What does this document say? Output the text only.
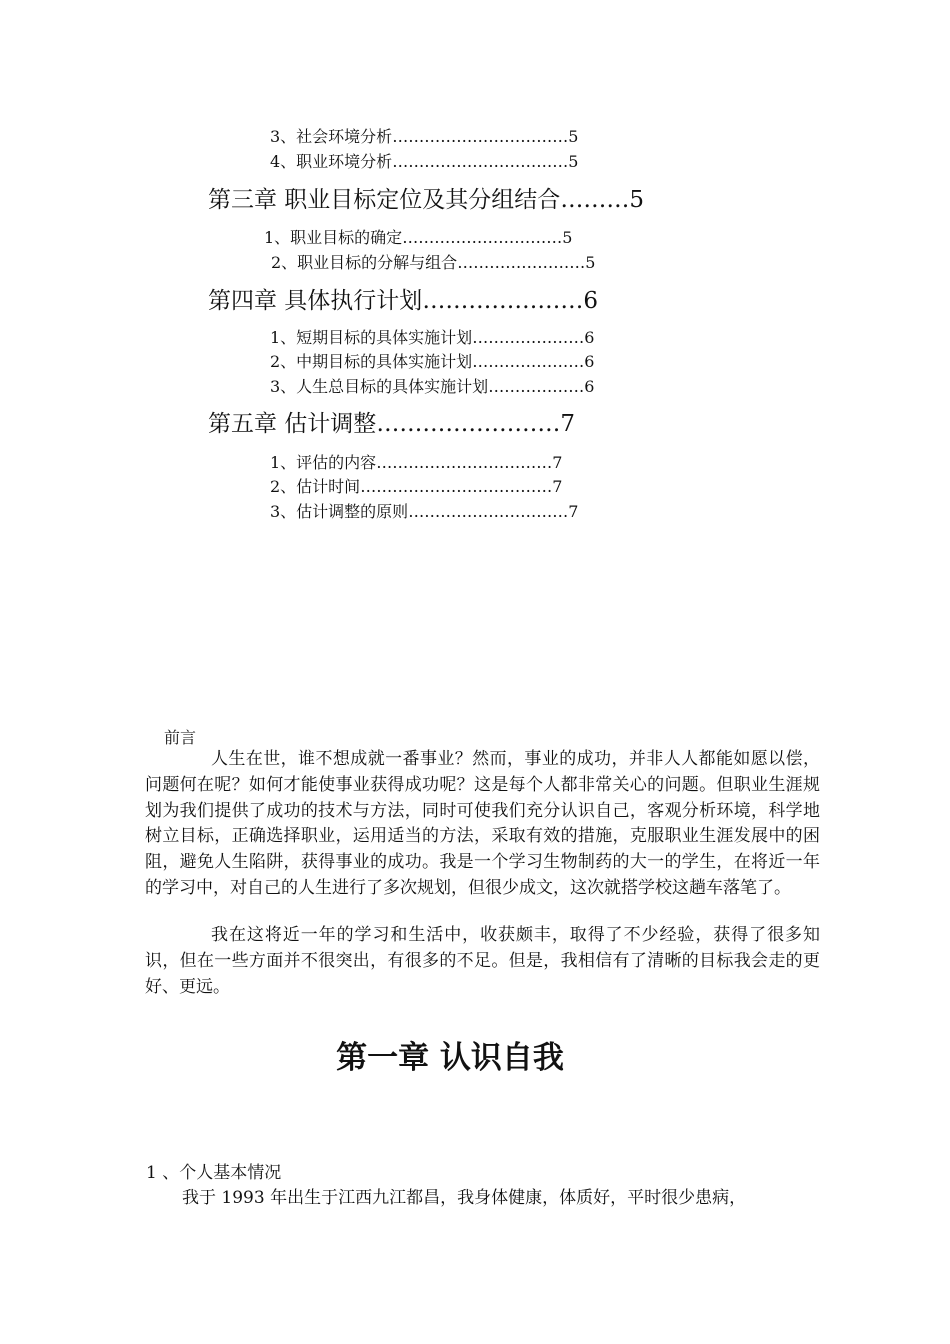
3、社会环境分析……………………………5
4、职业环境分析……………………………5
第三章 职业目标定位及其分组结合………5
1、职业目标的确定…………………………5
2、职业目标的分解与组合……………………5
第四章 具体执行计划…………………6
1、短期目标的具体实施计划…………………6
2、中期目标的具体实施计划…………………6
3、人生总目标的具体实施计划………………6
第五章 估计调整……………………7
1、评估的内容……………………………7
2、估计时间………………………………7
3、估计调整的原则…………………………7
前言
人生在世，谁不想成就一番事业？然而，事业的成功，并非人人都能如愿以偿，问题何在呢？如何才能使事业获得成功呢？这是每个人都非常关心的问题。但职业生涯规划为我们提供了成功的技术与方法，同时可使我们充分认识自己，客观分析环境，科学地树立目标，正确选择职业，运用适当的方法，采取有效的措施，克服职业生涯发展中的困阻，避免人生陷阱，获得事业的成功。我是一个学习生物制药的大一的学生，在将近一年的学习中，对自己的人生进行了多次规划，但很少成文，这次就搭学校这趟车落笔了。
我在这将近一年的学习和生活中，收获颇丰，取得了不少经验，获得了很多知识，但在一些方面并不很突出，有很多的不足。但是，我相信有了清晰的目标我会走的更好、更远。
第一章 认识自我
1 、个人基本情况
我于 1993 年出生于江西九江都昌，我身体健康，体质好，平时很少患病，
